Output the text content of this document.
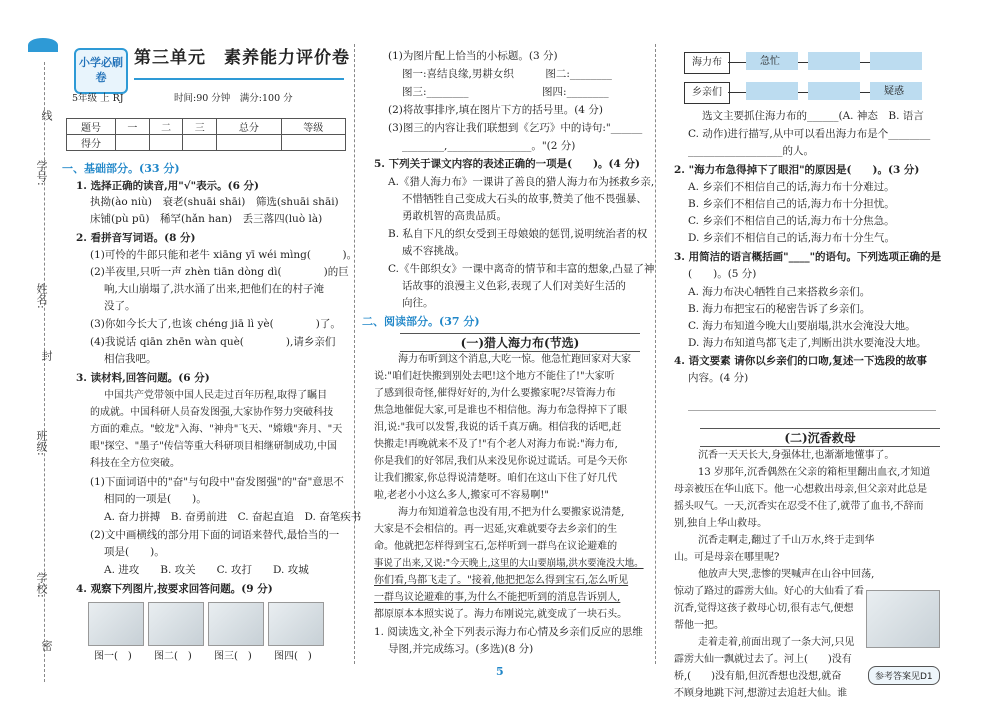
线
学号:
姓名:
封
班级:
学校:
密
小学必刷卷
5年级 上 RJ
第三单元　素养能力评价卷
时间:90 分钟　满分:100 分
题号	一	二	三	总分	等级
得分					
一、基础部分。(33 分)
1. 选择正确的读音,用"√"表示。(6 分)
执拗(ào niù)　衰老(shuāi shāi)　筛选(shuāi shāi)
床铺(pù pū)　稀罕(hǎn han)　丢三落四(luò là)
2. 看拼音写词语。(8 分)
(1)可怜的牛郎只能和老牛 xiāng yī wéi mìng(　　　)。
(2)半夜里,只听一声 zhèn tiān dòng dì(　　　　)的巨
响,大山崩塌了,洪水涌了出来,把他们在的村子淹
没了。
(3)你如今长大了,也该 chéng jiā lì yè(　　　　)了。
(4)我说话 qiān zhēn wàn què(　　　　),请乡亲们
相信我吧。
3. 读材料,回答问题。(6 分)
中国共产党带领中国人民走过百年历程,取得了瞩目
的成就。中国科研人员奋发图强,大家协作努力突破科技
方面的难点。"蛟龙"入海、"神舟"飞天、"嫦娥"奔月、"天
眼"探空、"墨子"传信等重大科研项目相继研制成功,中国
科技在全方位突破。
(1)下面词语中的"奋"与句段中"奋发图强"的"奋"意思不
相同的一项是(　　)。
A. 奋力拼搏　B. 奋勇前进　C. 奋起直追　D. 奋笔疾书
(2)文中画横线的部分用下面的词语来替代,最恰当的一
项是(　　)。
A. 进攻　　B. 攻关　　C. 攻打　　D. 攻城
4. 观察下列图片,按要求回答问题。(9 分)
图一(　) 图二(　) 图三(　) 图四(　)
(1)为图片配上恰当的小标题。(3 分)
图一:喜结良缘,男耕女织　　　图二:________
图三:________　　　　　　　图四:________
(2)将故事排序,填在图片下方的括号里。(4 分)
(3)图三的内容让我们联想到《乞巧》中的诗句:"______
________,________________。"(2 分)
5. 下列关于课文内容的表述正确的一项是(　　)。(4 分)
A.《猎人海力布》一课讲了善良的猎人海力布为拯救乡亲,
不惜牺牲自己变成大石头的故事,赞美了他不畏强暴、
勇敢机智的高贵品质。
B. 私自下凡的织女受到王母娘娘的惩罚,说明统治者的权
威不容挑战。
C.《牛郎织女》一课中离奇的情节和丰富的想象,凸显了神
话故事的浪漫主义色彩,表现了人们对美好生活的
向往。
二、阅读部分。(37 分)
(一)猎人海力布(节选)
海力布听到这个消息,大吃一惊。他急忙跑回家对大家
说:"咱们赶快搬到别处去吧!这个地方不能住了!"大家听
了感到很奇怪,催得好好的,为什么要搬家呢?尽管海力布
焦急地催促大家,可是谁也不相信他。海力布急得掉下了眼
泪,说:"我可以发誓,我说的话千真万确。相信我的话吧,赶
快搬走!再晚就来不及了!"有个老人对海力布说:"海力布,
你是我们的好邻居,我们从来没见你说过谎话。可是今天你
让我们搬家,你总得说清楚呀。咱们在这山下住了好几代
啦,老老小小这么多人,搬家可不容易啊!"
海力布知道着急也没有用,不把为什么要搬家说清楚,
大家是不会相信的。再一迟延,灾难就要夺去乡亲们的生
命。他就把怎样得到宝石,怎样听到一群鸟在议论避难的
事说了出来,又说:"今天晚上,这里的大山要崩塌,洪水要淹没大地。
你们看,鸟都飞走了。"接着,他把把怎么得到宝石,怎么听见
一群鸟议论避难的事,为什么不能把听到的消息告诉别人,
都原原本本照实说了。海力布刚说完,就变成了一块石头。
1. 阅读选文,补全下列表示海力布心情及乡亲们反应的思维
导图,并完成练习。(多选)(8 分)
5
海力布
乡亲们
急忙
疑惑
选文主要抓住海力布的______(A. 神态　B. 语言
C. 动作)进行描写,从中可以看出海力布是个________
__________________的人。
2. "海力布急得掉下了眼泪"的原因是(　　)。(3 分)
A. 乡亲们不相信自己的话,海力布十分难过。
B. 乡亲们不相信自己的话,海力布十分担忧。
C. 乡亲们不相信自己的话,海力布十分焦急。
D. 乡亲们不相信自己的话,海力布十分生气。
3. 用简洁的语言概括画"____"的语句。下列选项正确的是
(　　)。(5 分)
A. 海力布决心牺牲自己来搭救乡亲们。
B. 海力布把宝石的秘密告诉了乡亲们。
C. 海力布知道今晚大山要崩塌,洪水会淹没大地。
D. 海力布知道鸟都飞走了,判断出洪水要淹没大地。
4. 语文要素 请你以乡亲们的口吻,复述一下选段的故事
内容。(4 分)
(二)沉香救母
沉香一天天长大,身强体壮,也渐渐地懂事了。
13 岁那年,沉香偶然在父亲的箱柜里翻出血衣,才知道
母亲被压在华山底下。他一心想救出母亲,但父亲对此总是
摇头叹气。一天,沉香实在忍受不住了,就带了血书,不辞而
别,独自上华山救母。
沉香走啊走,翻过了千山万水,终于走到华
山。可是母亲在哪里呢?
他放声大哭,悲惨的哭喊声在山谷中回荡,
惊动了路过的霹雳大仙。好心的大仙看了看
沉香,觉得这孩子救母心切,很有志气,便想
帮他一把。
走着走着,前面出现了一条大河,只见
霹雳大仙一飘就过去了。河上(　　)没有
桥,(　　)没有船,但沉香想也没想,就奋
不顾身地跳下河,想游过去追赶大仙。谁
参考答案见D1
